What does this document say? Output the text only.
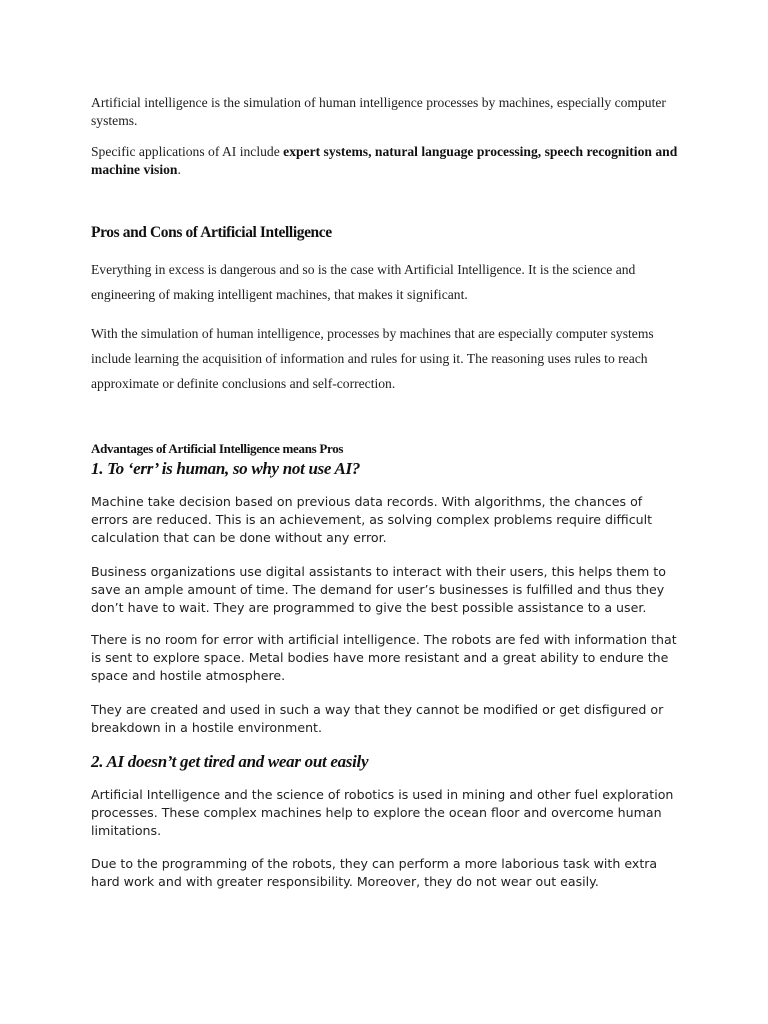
Artificial intelligence is the simulation of human intelligence processes by machines, especially computer systems.

Specific applications of AI include expert systems, natural language processing, speech recognition and machine vision.

Pros and Cons of Artificial Intelligence

Everything in excess is dangerous and so is the case with Artificial Intelligence. It is the science and engineering of making intelligent machines, that makes it significant.

With the simulation of human intelligence, processes by machines that are especially computer systems include learning the acquisition of information and rules for using it. The reasoning uses rules to reach approximate or definite conclusions and self-correction.

Advantages of Artificial Intelligence means Pros
1. To ‘err’ is human, so why not use AI?

Machine take decision based on previous data records. With algorithms, the chances of errors are reduced. This is an achievement, as solving complex problems require difficult calculation that can be done without any error.

Business organizations use digital assistants to interact with their users, this helps them to save an ample amount of time. The demand for user’s businesses is fulfilled and thus they don’t have to wait. They are programmed to give the best possible assistance to a user.

There is no room for error with artificial intelligence. The robots are fed with information that is sent to explore space. Metal bodies have more resistant and a great ability to endure the space and hostile atmosphere.

They are created and used in such a way that they cannot be modified or get disfigured or breakdown in a hostile environment.

2. AI doesn’t get tired and wear out easily

Artificial Intelligence and the science of robotics is used in mining and other fuel exploration processes. These complex machines help to explore the ocean floor and overcome human limitations.

Due to the programming of the robots, they can perform a more laborious task with extra hard work and with greater responsibility. Moreover, they do not wear out easily.
